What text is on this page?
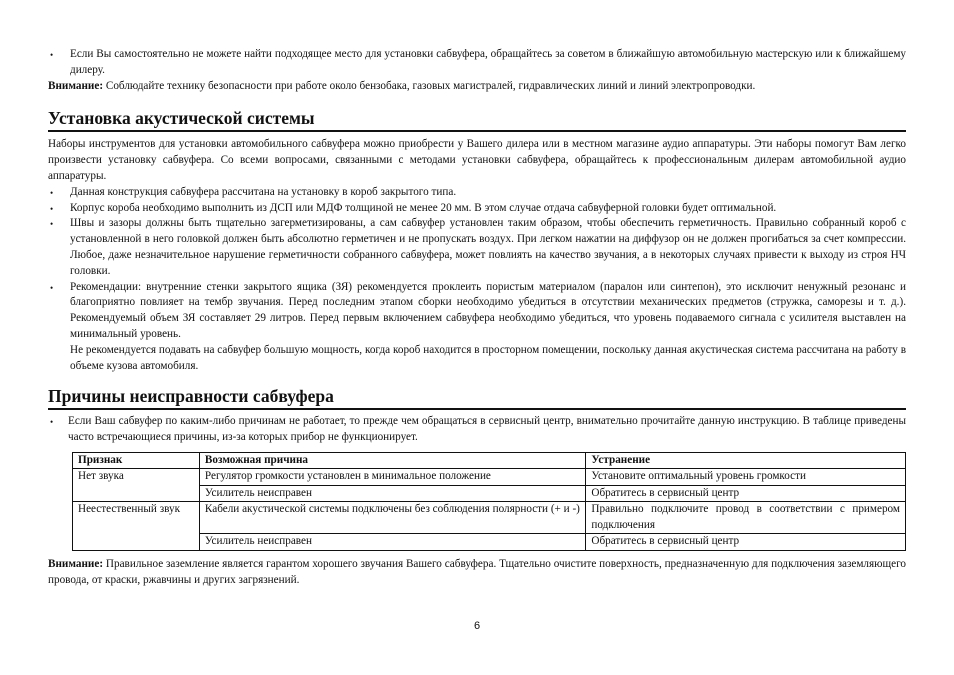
• Если Вы самостоятельно не можете найти подходящее место для установки сабвуфера, обращайтесь за советом в ближайшую автомобильную мастерскую или к ближайшему дилеру.

Внимание: Соблюдайте технику безопасности при работе около бензобака, газовых магистралей, гидравлических линий и линий электропроводки.

Установка акустической системы

Наборы инструментов для установки автомобильного сабвуфера можно приобрести у Вашего дилера или в местном магазине аудио аппаратуры. Эти наборы помогут Вам легко произвести установку сабвуфера. Со всеми вопросами, связанными с методами установки сабвуфера, обращайтесь к профессиональным дилерам автомобильной аудио аппаратуры.

• Данная конструкция сабвуфера рассчитана на установку в короб закрытого типа.

• Корпус короба необходимо выполнить из ДСП или МДФ толщиной не менее 20 мм. В этом случае отдача сабвуферной головки будет оптимальной.

• Швы и зазоры должны быть тщательно загерметизированы, а сам сабвуфер установлен таким образом, чтобы обеспечить герметичность. Правильно собранный короб с установленной в него головкой должен быть абсолютно герметичен и не пропускать воздух. При легком нажатии на диффузор он не должен прогибаться за счет компрессии. Любое, даже незначительное нарушение герметичности собранного сабвуфера, может повлиять на качество звучания, а в некоторых случаях привести к выходу из строя НЧ головки.

• Рекомендации: внутренние стенки закрытого ящика (ЗЯ) рекомендуется проклеить пористым материалом (паралон или синтепон), это исключит ненужный резонанс и благоприятно повлияет на тембр звучания. Перед последним этапом сборки необходимо убедиться в отсутствии механических предметов (стружка, саморезы и т. д.). Рекомендуемый объем ЗЯ составляет 29 литров. Перед первым включением сабвуфера необходимо убедиться, что уровень подаваемого сигнала с усилителя выставлен на минимальный уровень.

Не рекомендуется подавать на сабвуфер большую мощность, когда короб находится в просторном помещении, поскольку данная акустическая система рассчитана на работу в объеме кузова автомобиля.

Причины неисправности сабвуфера

• Если Ваш сабвуфер по каким-либо причинам не работает, то прежде чем обращаться в сервисный центр, внимательно прочитайте данную инструкцию. В таблице приведены часто встречающиеся причины, из-за которых прибор не функционирует.

Признак	Возможная причина	Устранение
Нет звука	Регулятор громкости установлен в минимальное положение	Установите оптимальный уровень громкости
	Усилитель неисправен	Обратитесь в сервисный центр
Неестественный звук	Кабели акустической системы подключены без соблюдения полярности (+ и -)	Правильно подключите провод в соответствии с примером подключения
	Усилитель неисправен	Обратитесь в сервисный центр

Внимание: Правильное заземление является гарантом хорошего звучания Вашего сабвуфера. Тщательно очистите поверхность, предназначенную для подключения заземляющего провода, от краски, ржавчины и других загрязнений.

6
